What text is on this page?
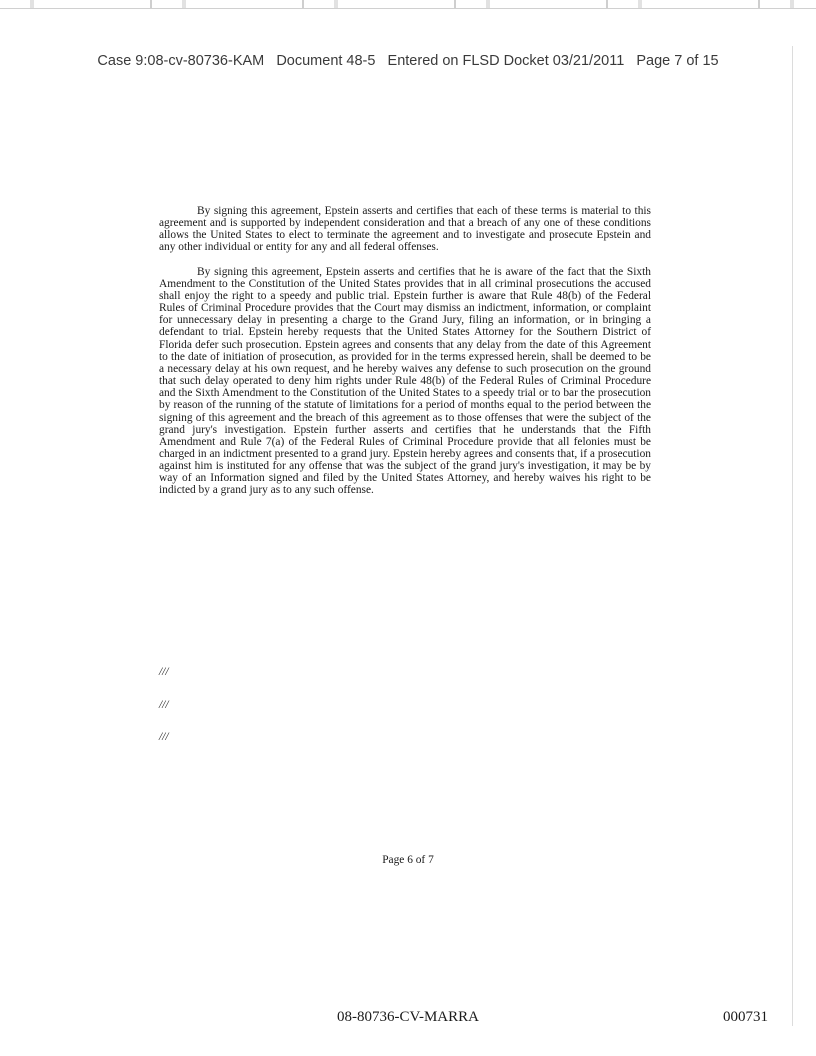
Case 9:08-cv-80736-KAM   Document 48-5   Entered on FLSD Docket 03/21/2011   Page 7 of 15

By signing this agreement, Epstein asserts and certifies that each of these terms is material to this agreement and is supported by independent consideration and that a breach of any one of these conditions allows the United States to elect to terminate the agreement and to investigate and prosecute Epstein and any other individual or entity for any and all federal offenses.

By signing this agreement, Epstein asserts and certifies that he is aware of the fact that the Sixth Amendment to the Constitution of the United States provides that in all criminal prosecutions the accused shall enjoy the right to a speedy and public trial. Epstein further is aware that Rule 48(b) of the Federal Rules of Criminal Procedure provides that the Court may dismiss an indictment, information, or complaint for unnecessary delay in presenting a charge to the Grand Jury, filing an information, or in bringing a defendant to trial. Epstein hereby requests that the United States Attorney for the Southern District of Florida defer such prosecution. Epstein agrees and consents that any delay from the date of this Agreement to the date of initiation of prosecution, as provided for in the terms expressed herein, shall be deemed to be a necessary delay at his own request, and he hereby waives any defense to such prosecution on the ground that such delay operated to deny him rights under Rule 48(b) of the Federal Rules of Criminal Procedure and the Sixth Amendment to the Constitution of the United States to a speedy trial or to bar the prosecution by reason of the running of the statute of limitations for a period of months equal to the period between the signing of this agreement and the breach of this agreement as to those offenses that were the subject of the grand jury's investigation. Epstein further asserts and certifies that he understands that the Fifth Amendment and Rule 7(a) of the Federal Rules of Criminal Procedure provide that all felonies must be charged in an indictment presented to a grand jury. Epstein hereby agrees and consents that, if a prosecution against him is instituted for any offense that was the subject of the grand jury's investigation, it may be by way of an Information signed and filed by the United States Attorney, and hereby waives his right to be indicted by a grand jury as to any such offense.

///
///
///
Page 6 of 7
08-80736-CV-MARRA	000731
